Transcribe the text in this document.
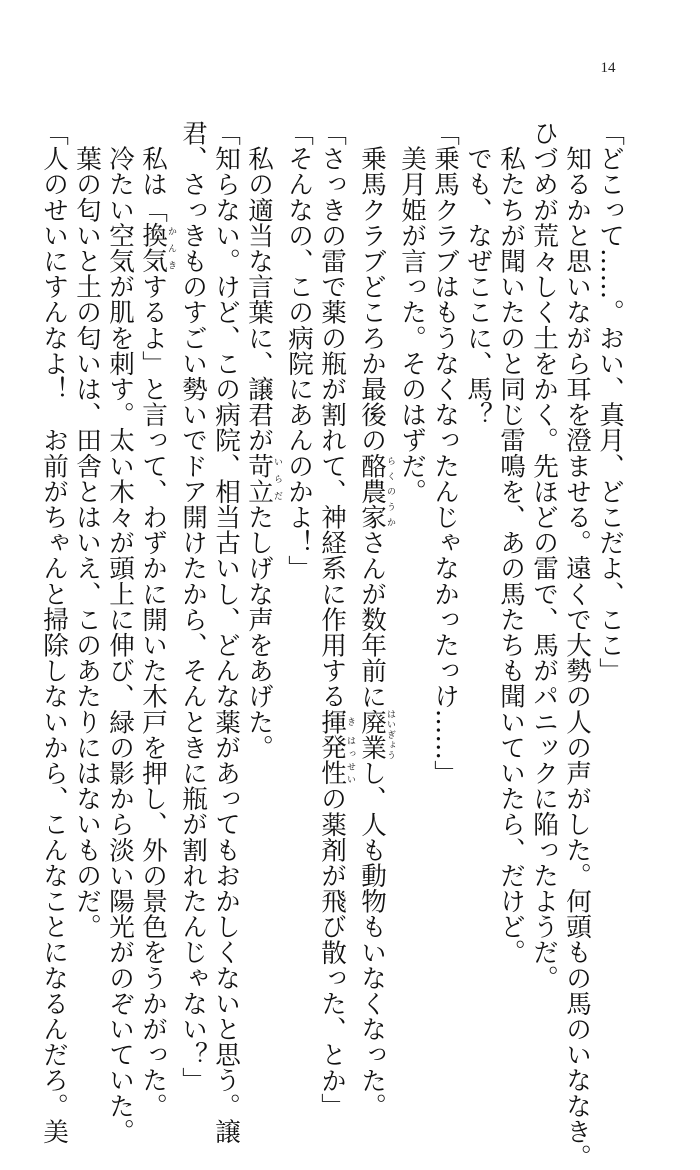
14

「どこって……。おい、真月、どこだよ、ここ」

　知るかと思いながら耳を澄ませる。遠くで大勢の人の声がした。何頭もの馬のいななき。

ひづめが荒々しく土をかく。先ほどの雷で、馬がパニックに陥ったようだ。

　私たちが聞いたのと同じ雷鳴を、あの馬たちも聞いていたら、だけど。

　でも、なぜここに、馬？

「乗馬クラブはもうなくなったんじゃなかったっけ……」

　美月姫が言った。そのはずだ。

　乗馬クラブどころか最後の酪農家らくのうかさんが数年前に廃業はいぎょうし、人も動物もいなくなった。

「さっきの雷で薬の瓶が割れて、神経系に作用する揮き発性はっせいの薬剤が飛び散った、とか」

「そんなの、この病院にあんのかよ！」

　私の適当な言葉に、譲君が苛立いらだたしげな声をあげた。

「知らない。けど、この病院、相当古いし、どんな薬があってもおかしくないと思う。譲

君、さっきものすごい勢いでドア開けたから、そんときに瓶が割れたんじゃない？」

　私は「換気かんきするよ」と言って、わずかに開いた木戸を押し、外の景色をうかがった。

　冷たい空気が肌を刺す。太い木々が頭上に伸び、緑の影から淡い陽光がのぞいていた。

　葉の匂いと土の匂いは、田舎とはいえ、このあたりにはないものだ。

「人のせいにすんなよ！　お前がちゃんと掃除しないから、こんなことになるんだろ。美
